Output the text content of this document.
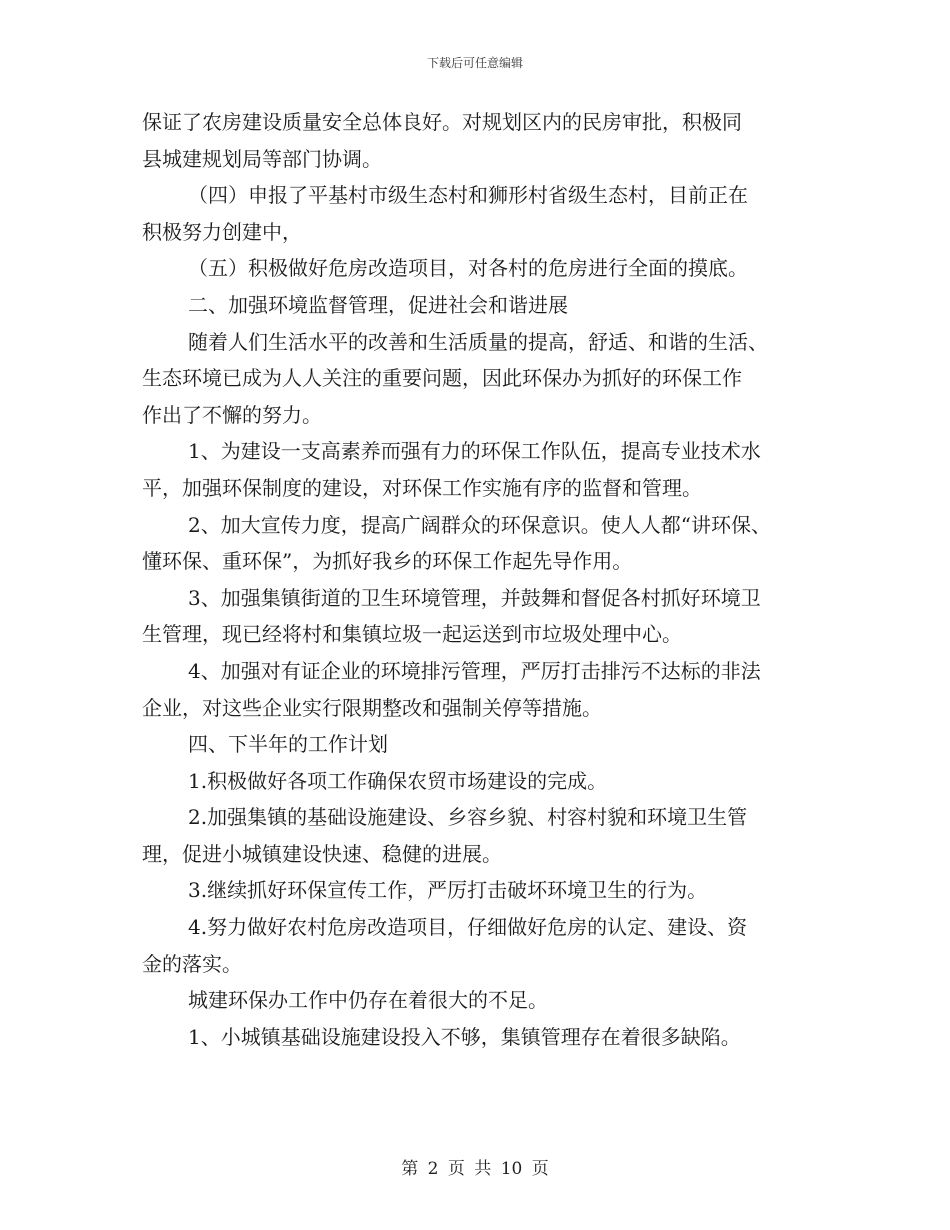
下载后可任意编辑
保证了农房建设质量安全总体良好。对规划区内的民房审批，积极同
县城建规划局等部门协调。
（四）申报了平基村市级生态村和狮形村省级生态村，目前正在
积极努力创建中，
（五）积极做好危房改造项目，对各村的危房进行全面的摸底。
二、加强环境监督管理，促进社会和谐进展
随着人们生活水平的改善和生活质量的提高，舒适、和谐的生活、
生态环境已成为人人关注的重要问题，因此环保办为抓好的环保工作
作出了不懈的努力。
1、为建设一支高素养而强有力的环保工作队伍，提高专业技术水
平，加强环保制度的建设，对环保工作实施有序的监督和管理。
2、加大宣传力度，提高广阔群众的环保意识。使人人都“讲环保、
懂环保、重环保”，为抓好我乡的环保工作起先导作用。
3、加强集镇街道的卫生环境管理，并鼓舞和督促各村抓好环境卫
生管理，现已经将村和集镇垃圾一起运送到市垃圾处理中心。
4、加强对有证企业的环境排污管理，严厉打击排污不达标的非法
企业，对这些企业实行限期整改和强制关停等措施。
四、下半年的工作计划
1.积极做好各项工作确保农贸市场建设的完成。
2.加强集镇的基础设施建设、乡容乡貌、村容村貌和环境卫生管
理，促进小城镇建设快速、稳健的进展。
3.继续抓好环保宣传工作，严厉打击破坏环境卫生的行为。
4.努力做好农村危房改造项目，仔细做好危房的认定、建设、资
金的落实。
城建环保办工作中仍存在着很大的不足。
1、小城镇基础设施建设投入不够，集镇管理存在着很多缺陷。
第 2 页 共 10 页
